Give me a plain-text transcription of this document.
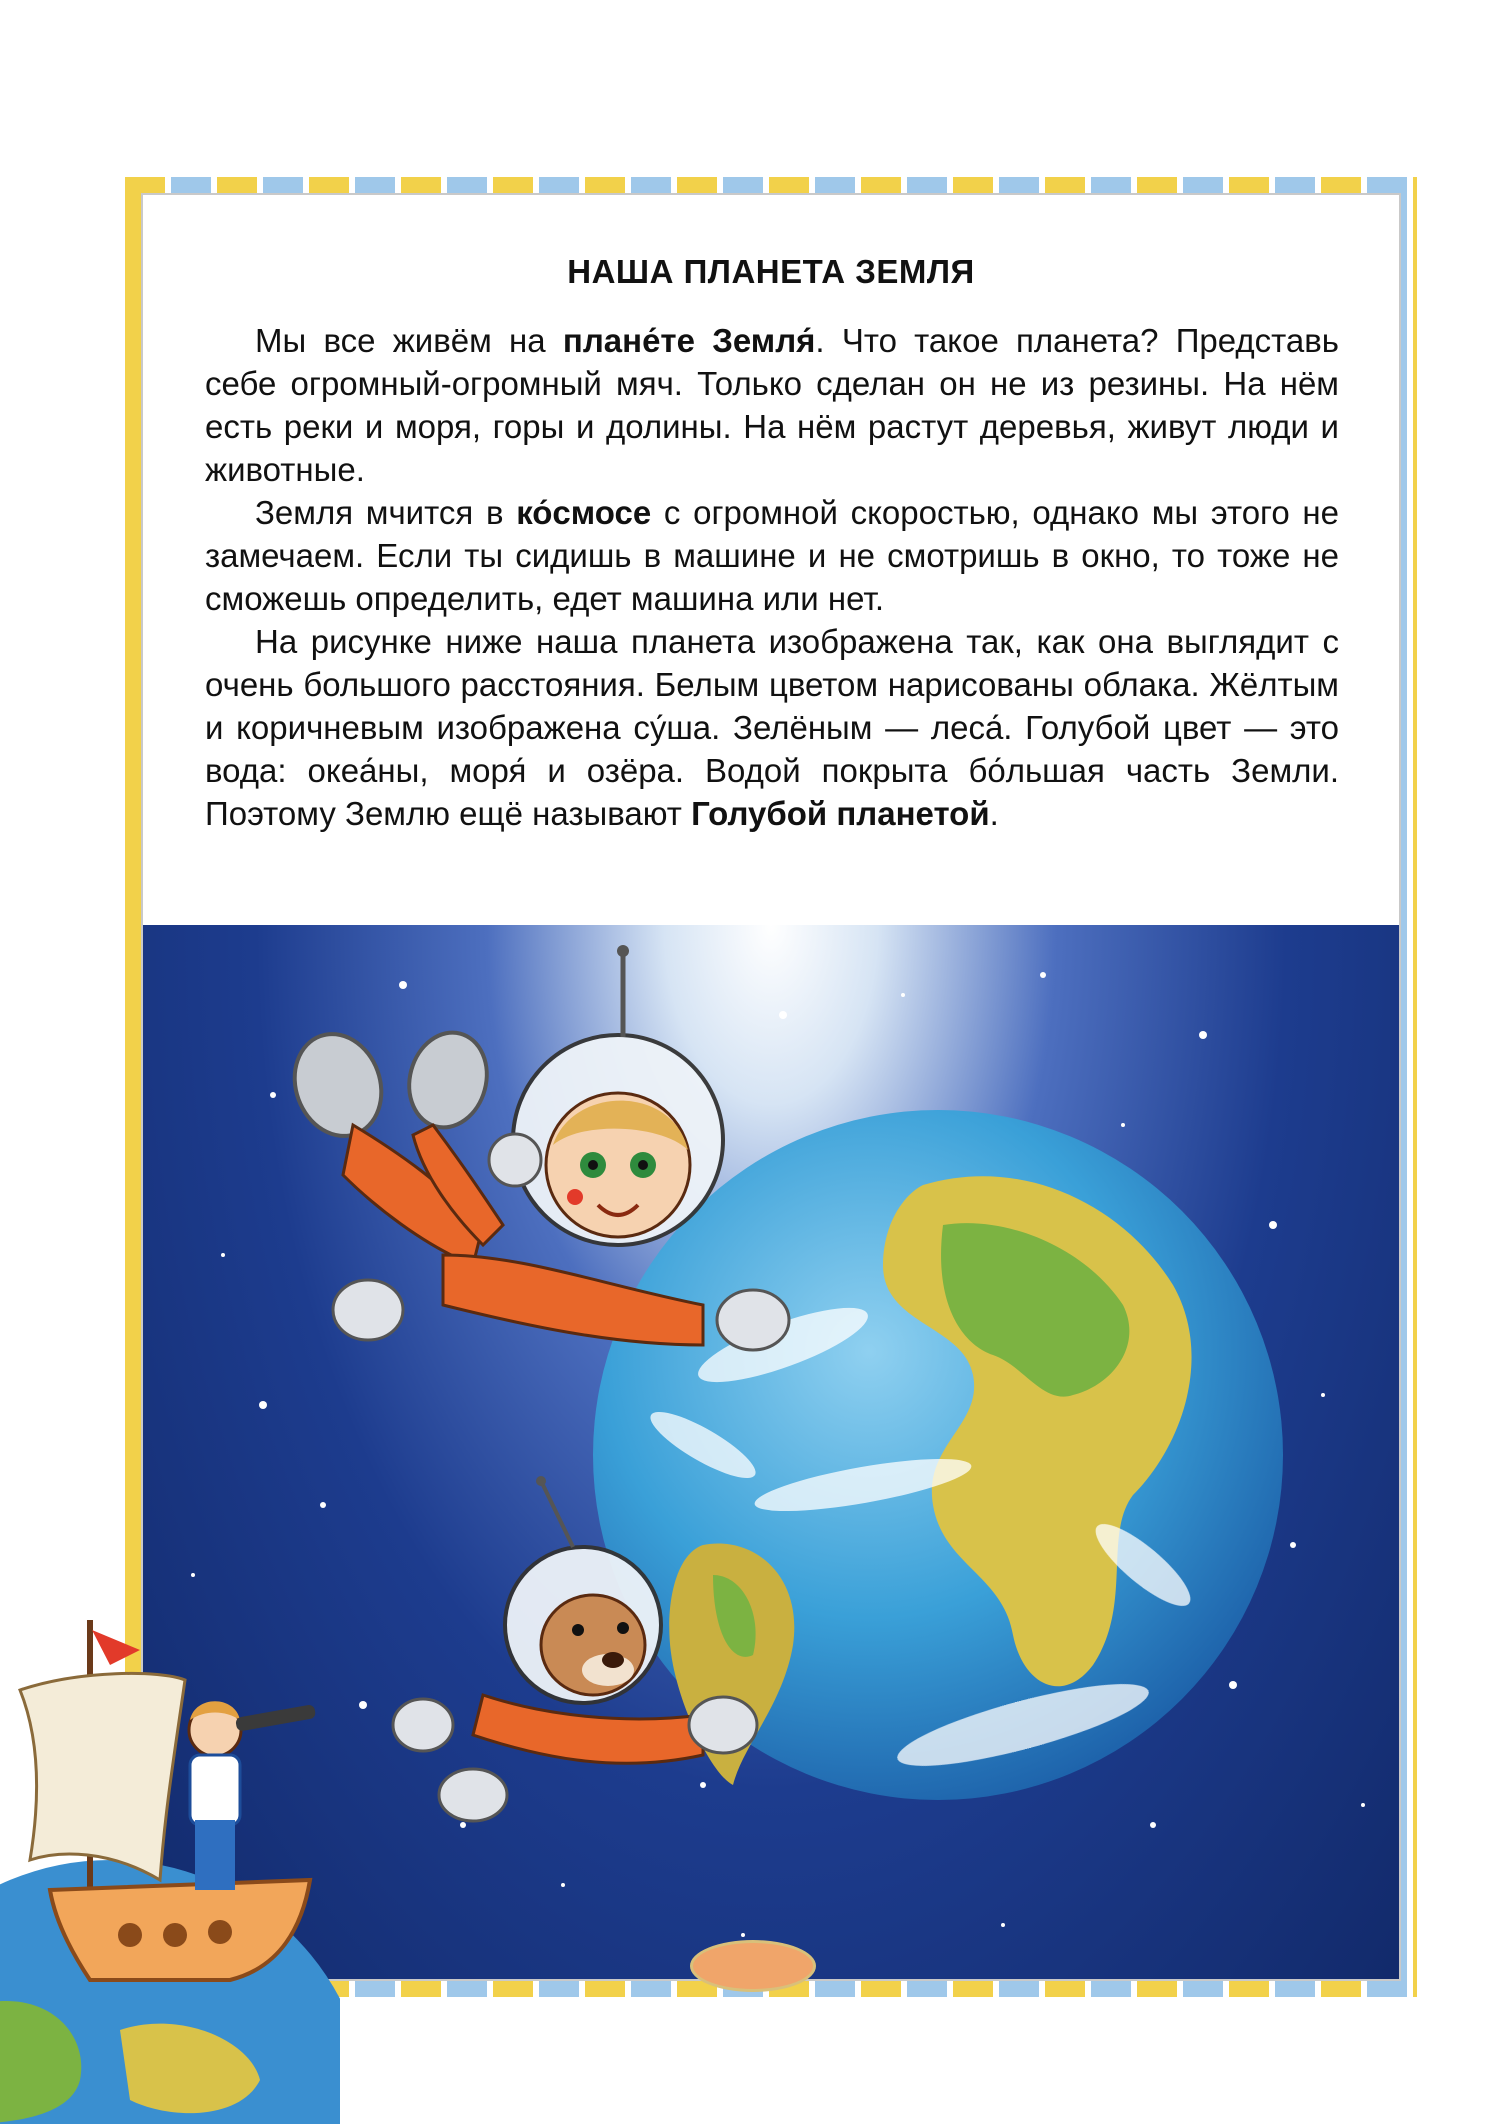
НАША ПЛАНЕТА ЗЕМЛЯ

Мы все живём на плане́те Земля́. Что такое планета? Представь себе огромный-огромный мяч. Только сделан он не из резины. На нём есть реки и моря, горы и долины. На нём растут деревья, живут люди и животные.

Земля мчится в ко́смосе с огромной скоростью, однако мы этого не замечаем. Если ты сидишь в машине и не смотришь в окно, то тоже не сможешь определить, едет машина или нет.

На рисунке ниже наша планета изображена так, как она выглядит с очень большого расстояния. Белым цветом нарисованы облака. Жёлтым и коричневым изображена су́ша. Зелёным — леса́. Голубой цвет — это вода: океа́ны, моря́ и озёра. Водой покрыта бо́льшая часть Земли. Поэтому Землю ещё называют Голубой планетой.
